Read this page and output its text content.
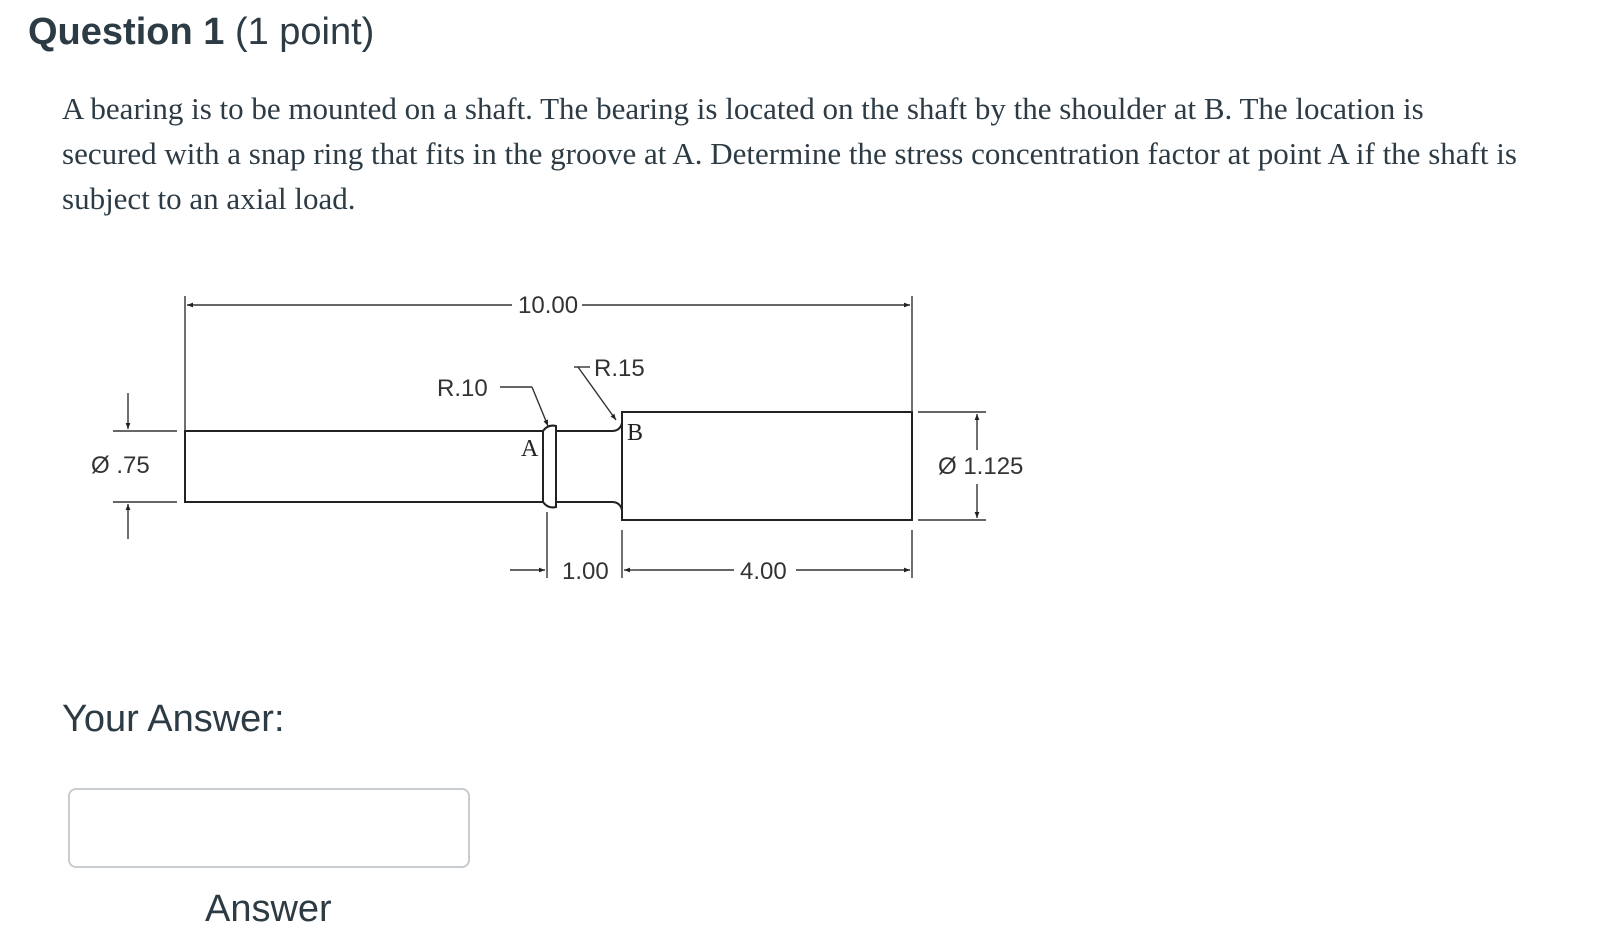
Question 1 (1 point)
A bearing is to be mounted on a shaft. The bearing is located on the shaft by the shoulder at B. The location is secured with a snap ring that fits in the groove at A. Determine the stress concentration factor at point A if the shaft is subject to an axial load.
10.00
R.10
R.15
A
B
Ø .75	Ø 1.125
1.00	4.00
Your Answer:
Answer
